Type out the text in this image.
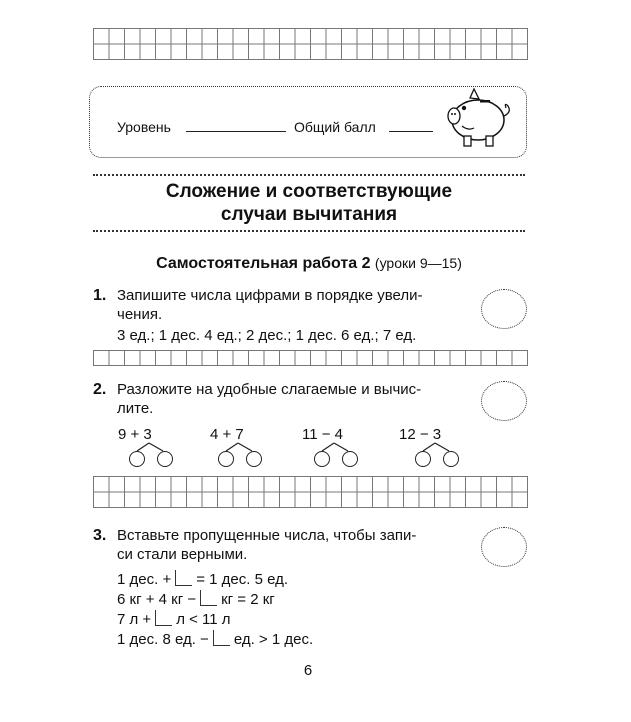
Уровень	Общий балл
Сложение и соответствующие
случаи вычитания
Самостоятельная работа 2 (уроки 9—15)
1. Запишите числа цифрами в порядке увели-
чения.
3 ед.; 1 дес. 4 ед.; 2 дес.; 1 дес. 6 ед.; 7 ед.
2. Разложите на удобные слагаемые и вычис-
лите.
9 + 3	4 + 7	11 − 4	12 − 3
3. Вставьте пропущенные числа, чтобы запи-
си стали верными.
1 дес. + = 1 дес. 5 ед.
6 кг + 4 кг − кг = 2 кг
7 л + л < 11 л
1 дес. 8 ед. − ед. > 1 дес.
6
